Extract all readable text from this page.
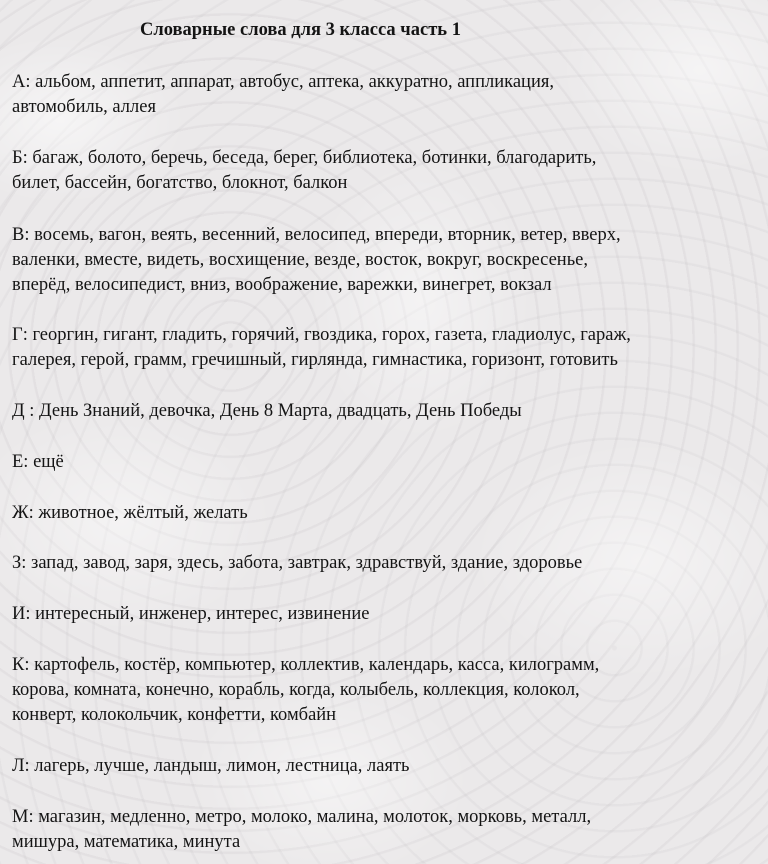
Словарные слова для 3 класса часть 1
А: альбом, аппетит, аппарат, автобус, аптека, аккуратно, аппликация,
автомобиль, аллея
Б: багаж, болото, беречь, беседа, берег, библиотека, ботинки, благодарить,
билет, бассейн, богатство, блокнот, балкон
В: восемь, вагон, веять, весенний, велосипед, впереди, вторник, ветер, вверх,
валенки, вместе, видеть, восхищение, везде, восток, вокруг, воскресенье,
вперёд, велосипедист, вниз, воображение, варежки, винегрет, вокзал
Г: георгин, гигант, гладить, горячий, гвоздика, горох, газета, гладиолус, гараж,
галерея, герой, грамм, гречишный, гирлянда, гимнастика, горизонт, готовить
Д : День Знаний, девочка, День 8 Марта, двадцать, День Победы
Е: ещё
Ж: животное, жёлтый, желать
З: запад, завод, заря, здесь, забота, завтрак, здравствуй, здание, здоровье
И: интересный, инженер, интерес, извинение
К: картофель, костёр, компьютер, коллектив, календарь, касса, килограмм,
корова, комната, конечно, корабль, когда, колыбель, коллекция, колокол,
конверт, колокольчик, конфетти, комбайн
Л: лагерь, лучше, ландыш, лимон, лестница, лаять
М: магазин, медленно, метро, молоко, малина, молоток, морковь, металл,
мишура, математика, минута
